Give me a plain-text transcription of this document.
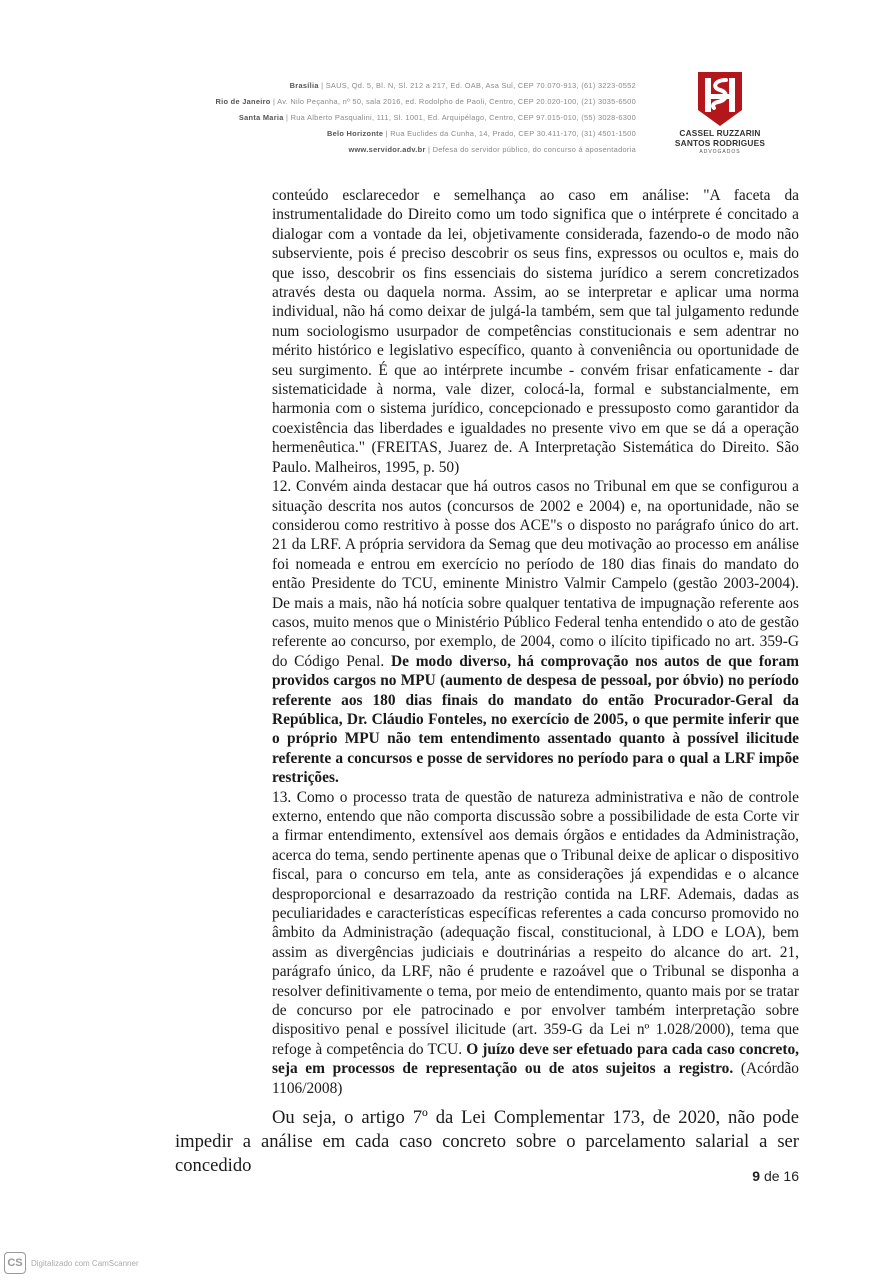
Brasília | SAUS, Qd. 5, Bl. N, Sl. 212 a 217, Ed. OAB, Asa Sul, CEP 70.070-913, (61) 3223-0552
Rio de Janeiro | Av. Nilo Peçanha, nº 50, sala 2016, ed. Rodolpho de Paoli, Centro, CEP 20.020-100, (21) 3035-6500
Santa Maria | Rua Alberto Pasqualini, 111, Sl. 1001, Ed. Arquipélago, Centro, CEP 97.015-010, (55) 3028-6300
Belo Horizonte | Rua Euclides da Cunha, 14, Prado, CEP 30.411-170, (31) 4501-1500
www.servidor.adv.br | Defesa do servidor público, do concurso à aposentadoria
CASSEL RUZZARIN
SANTOS RODRIGUES
ADVOGADOS

conteúdo esclarecedor e semelhança ao caso em análise: "A faceta da instrumentalidade do Direito como um todo significa que o intérprete é concitado a dialogar com a vontade da lei, objetivamente considerada, fazendo-o de modo não subserviente, pois é preciso descobrir os seus fins, expressos ou ocultos e, mais do que isso, descobrir os fins essenciais do sistema jurídico a serem concretizados através desta ou daquela norma. Assim, ao se interpretar e aplicar uma norma individual, não há como deixar de julgá-la também, sem que tal julgamento redunde num sociologismo usurpador de competências constitucionais e sem adentrar no mérito histórico e legislativo específico, quanto à conveniência ou oportunidade de seu surgimento. É que ao intérprete incumbe - convém frisar enfaticamente - dar sistematicidade à norma, vale dizer, colocá-la, formal e substancialmente, em harmonia com o sistema jurídico, concepcionado e pressuposto como garantidor da coexistência das liberdades e igualdades no presente vivo em que se dá a operação hermenêutica." (FREITAS, Juarez de. A Interpretação Sistemática do Direito. São Paulo. Malheiros, 1995, p. 50)

12. Convém ainda destacar que há outros casos no Tribunal em que se configurou a situação descrita nos autos (concursos de 2002 e 2004) e, na oportunidade, não se considerou como restritivo à posse dos ACE"s o disposto no parágrafo único do art. 21 da LRF. A própria servidora da Semag que deu motivação ao processo em análise foi nomeada e entrou em exercício no período de 180 dias finais do mandato do então Presidente do TCU, eminente Ministro Valmir Campelo (gestão 2003-2004). De mais a mais, não há notícia sobre qualquer tentativa de impugnação referente aos casos, muito menos que o Ministério Público Federal tenha entendido o ato de gestão referente ao concurso, por exemplo, de 2004, como o ilícito tipificado no art. 359-G do Código Penal. De modo diverso, há comprovação nos autos de que foram providos cargos no MPU (aumento de despesa de pessoal, por óbvio) no período referente aos 180 dias finais do mandato do então Procurador-Geral da República, Dr. Cláudio Fonteles, no exercício de 2005, o que permite inferir que o próprio MPU não tem entendimento assentado quanto à possível ilicitude referente a concursos e posse de servidores no período para o qual a LRF impõe restrições.

13. Como o processo trata de questão de natureza administrativa e não de controle externo, entendo que não comporta discussão sobre a possibilidade de esta Corte vir a firmar entendimento, extensível aos demais órgãos e entidades da Administração, acerca do tema, sendo pertinente apenas que o Tribunal deixe de aplicar o dispositivo fiscal, para o concurso em tela, ante as considerações já expendidas e o alcance desproporcional e desarrazoado da restrição contida na LRF. Ademais, dadas as peculiaridades e características específicas referentes a cada concurso promovido no âmbito da Administração (adequação fiscal, constitucional, à LDO e LOA), bem assim as divergências judiciais e doutrinárias a respeito do alcance do art. 21, parágrafo único, da LRF, não é prudente e razoável que o Tribunal se disponha a resolver definitivamente o tema, por meio de entendimento, quanto mais por se tratar de concurso por ele patrocinado e por envolver também interpretação sobre dispositivo penal e possível ilicitude (art. 359-G da Lei nº 1.028/2000), tema que refoge à competência do TCU. O juízo deve ser efetuado para cada caso concreto, seja em processos de representação ou de atos sujeitos a registro. (Acórdão 1106/2008)

Ou seja, o artigo 7º da Lei Complementar 173, de 2020, não pode impedir a análise em cada caso concreto sobre o parcelamento salarial a ser concedido	9 de 16
CS	Digitalizado com CamScanner
